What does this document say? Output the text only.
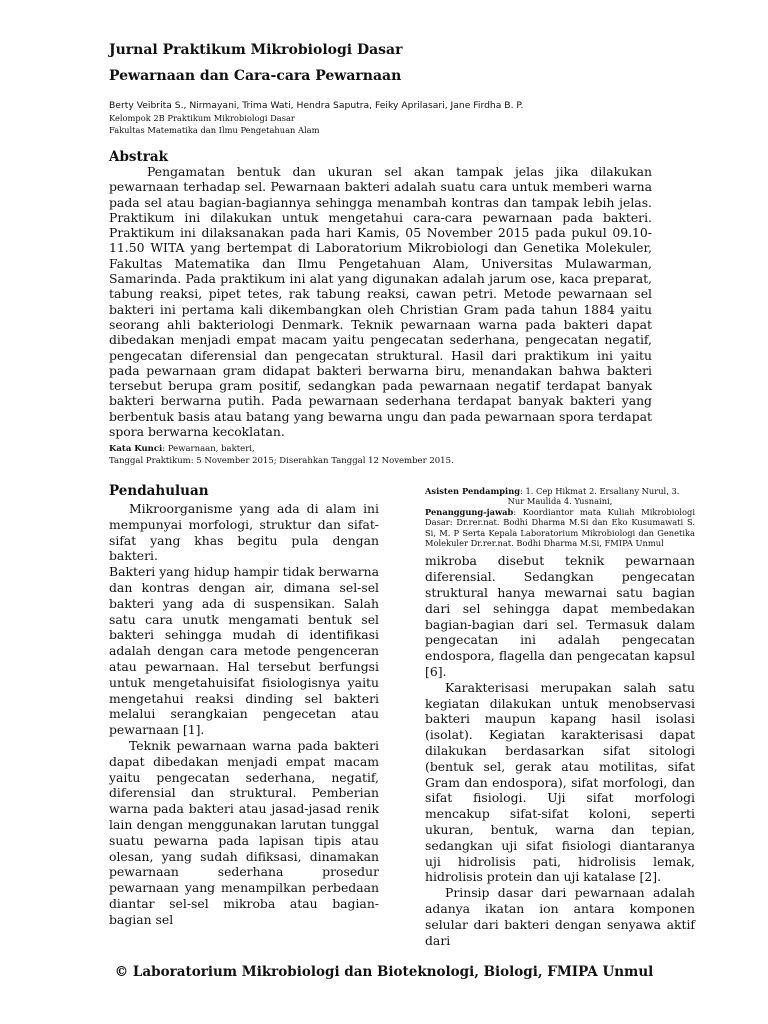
Jurnal Praktikum Mikrobiologi Dasar
Pewarnaan dan Cara-cara Pewarnaan
Berty Veibrita S., Nirmayani, Trima Wati, Hendra Saputra, Feiky Aprilasari, Jane Firdha B. P.
Kelompok 2B Praktikum Mikrobiologi Dasar
Fakultas Matematika dan Ilmu Pengetahuan Alam
Abstrak

Pengamatan bentuk dan ukuran sel akan tampak jelas jika dilakukan pewarnaan terhadap sel. Pewarnaan bakteri adalah suatu cara untuk memberi warna pada sel atau bagian-bagiannya sehingga menambah kontras dan tampak lebih jelas. Praktikum ini dilakukan untuk mengetahui cara-cara pewarnaan pada bakteri. Praktikum ini dilaksanakan pada hari Kamis, 05 November 2015 pada pukul 09.10-11.50 WITA yang bertempat di Laboratorium Mikrobiologi dan Genetika Molekuler, Fakultas Matematika dan Ilmu Pengetahuan Alam, Universitas Mulawarman, Samarinda. Pada praktikum ini alat yang digunakan adalah jarum ose, kaca preparat, tabung reaksi, pipet tetes, rak tabung reaksi, cawan petri. Metode pewarnaan sel bakteri ini pertama kali dikembangkan oleh Christian Gram pada tahun 1884 yaitu seorang ahli bakteriologi Denmark. Teknik pewarnaan warna pada bakteri dapat dibedakan menjadi empat macam yaitu pengecatan sederhana, pengecatan negatif, pengecatan diferensial dan pengecatan struktural. Hasil dari praktikum ini yaitu pada pewarnaan gram didapat bakteri berwarna biru, menandakan bahwa bakteri tersebut berupa gram positif, sedangkan pada pewarnaan negatif terdapat banyak bakteri berwarna putih. Pada pewarnaan sederhana terdapat banyak bakteri yang berbentuk basis atau batang yang bewarna ungu dan pada pewarnaan spora terdapat spora berwarna kecoklatan.

Kata Kunci: Pewarnaan, bakteri,
Tanggal Praktikum: 5 November 2015; Diserahkan Tanggal 12 November 2015.
Pendahuluan

Mikroorganisme yang ada di alam ini mempunyai morfologi, struktur dan sifat-sifat yang khas begitu pula dengan bakteri.

Bakteri yang hidup hampir tidak berwarna dan kontras dengan air, dimana sel-sel bakteri yang ada di suspensikan. Salah satu cara unutk mengamati bentuk sel bakteri sehingga mudah di identifikasi adalah dengan cara metode pengenceran atau pewarnaan. Hal tersebut berfungsi untuk mengetahuisifat fisiologisnya yaitu mengetahui reaksi dinding sel bakteri melalui serangkaian pengecetan atau pewarnaan [1].

Teknik pewarnaan warna pada bakteri dapat dibedakan menjadi empat macam yaitu pengecatan sederhana, negatif, diferensial dan struktural. Pemberian warna pada bakteri atau jasad-jasad renik lain dengan menggunakan larutan tunggal suatu pewarna pada lapisan tipis atau olesan, yang sudah difiksasi, dinamakan pewarnaan sederhana prosedur pewarnaan yang menampilkan perbedaan diantar sel-sel mikroba atau bagian- bagian sel

Asisten Pendamping: 1. Cep Hikmat 2. Ersaliany Nurul, 3.
Nur Maulida 4. Yusnaini,
Penanggung-jawab: Koordiantor mata Kuliah Mikrobiologi Dasar: Dr.rer.nat. Bodhi Dharma M.Si dan Eko Kusumawati S. Si, M. P Serta Kepala Laboratorium Mikrobiologi dan Genetika Molekuler Dr.rer.nat. Bodhi Dharma M.Si, FMIPA Unmul

mikroba disebut teknik pewarnaan diferensial. Sedangkan pengecatan struktural hanya mewarnai satu bagian dari sel sehingga dapat membedakan bagian-bagian dari sel. Termasuk dalam pengecatan ini adalah pengecatan endospora, flagella dan pengecatan kapsul [6].

Karakterisasi merupakan salah satu kegiatan dilakukan untuk menobservasi bakteri maupun kapang hasil isolasi (isolat). Kegiatan karakterisasi dapat dilakukan berdasarkan sifat sitologi (bentuk sel, gerak atau motilitas, sifat Gram dan endospora), sifat morfologi, dan sifat fisiologi. Uji sifat morfologi mencakup sifat-sifat koloni, seperti ukuran, bentuk, warna dan tepian, sedangkan uji sifat fisiologi diantaranya uji hidrolisis pati, hidrolisis lemak, hidrolisis protein dan uji katalase [2].

Prinsip dasar dari pewarnaan adalah adanya ikatan ion antara komponen selular dari bakteri dengan senyawa aktif dari

© Laboratorium Mikrobiologi dan Bioteknologi, Biologi, FMIPA Unmul
